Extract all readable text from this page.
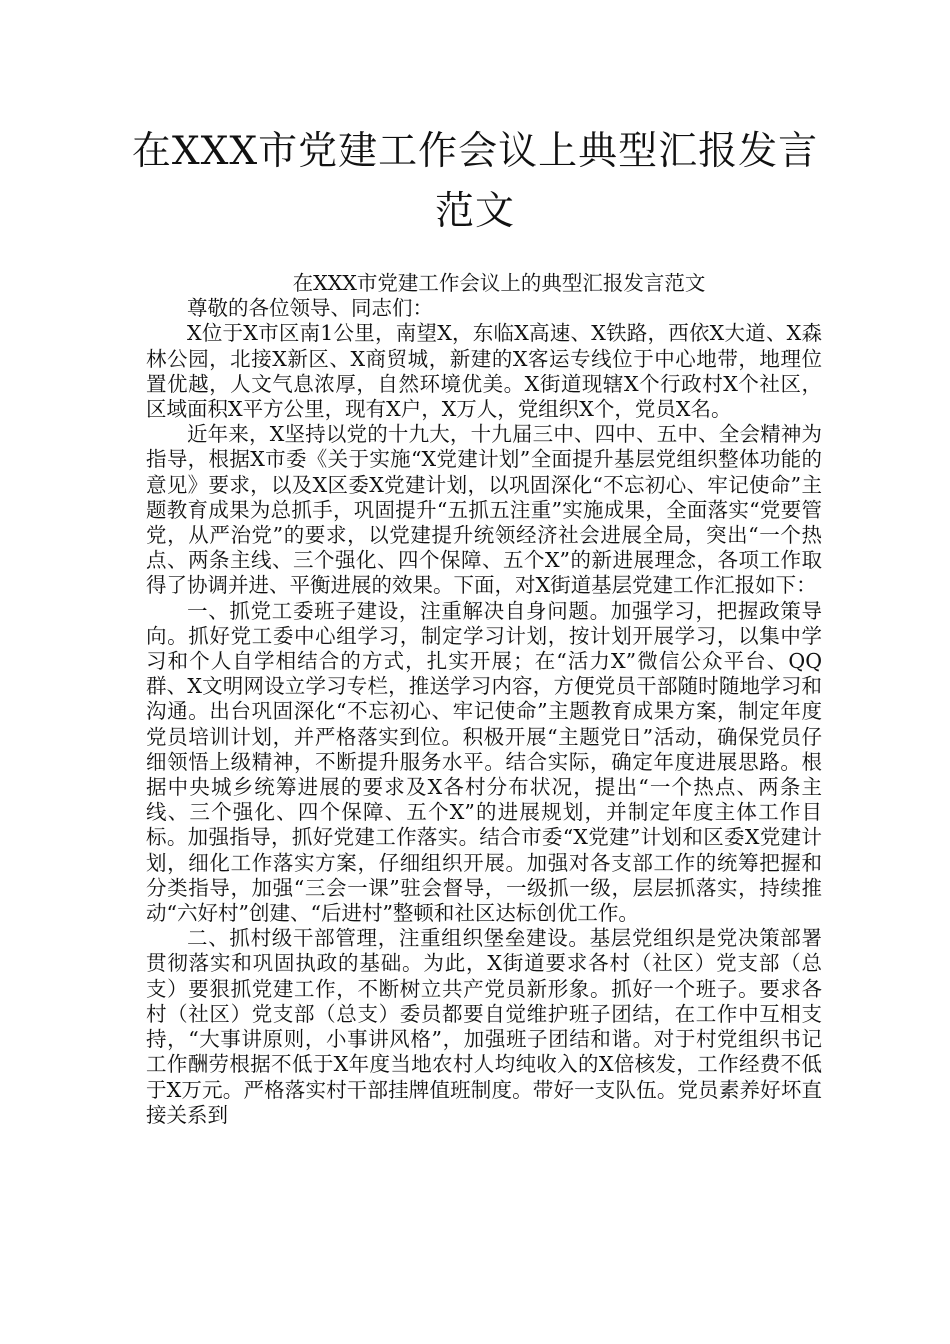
在XXX市党建工作会议上典型汇报发言范文

在XXX市党建工作会议上的典型汇报发言范文

尊敬的各位领导、同志们：

X位于X市区南1公里，南望X，东临X高速、X铁路，西依X大道、X森林公园，北接X新区、X商贸城，新建的X客运专线位于中心地带，地理位置优越，人文气息浓厚，自然环境优美。X街道现辖X个行政村X个社区，区域面积X平方公里，现有X户，X万人，党组织X个，党员X名。

近年来，X坚持以党的十九大，十九届三中、四中、五中、全会精神为指导，根据X市委《关于实施“X党建计划”全面提升基层党组织整体功能的意见》要求，以及X区委X党建计划，以巩固深化“不忘初心、牢记使命”主题教育成果为总抓手，巩固提升“五抓五注重”实施成果，全面落实“党要管党，从严治党”的要求，以党建提升统领经济社会进展全局，突出“一个热点、两条主线、三个强化、四个保障、五个X”的新进展理念，各项工作取得了协调并进、平衡进展的效果。下面，对X街道基层党建工作汇报如下：

一、抓党工委班子建设，注重解决自身问题。加强学习，把握政策导向。抓好党工委中心组学习，制定学习计划，按计划开展学习，以集中学习和个人自学相结合的方式，扎实开展；在“活力X”微信公众平台、QQ群、X文明网设立学习专栏，推送学习内容，方便党员干部随时随地学习和沟通。出台巩固深化“不忘初心、牢记使命”主题教育成果方案，制定年度党员培训计划，并严格落实到位。积极开展“主题党日”活动，确保党员仔细领悟上级精神，不断提升服务水平。结合实际，确定年度进展思路。根据中央城乡统筹进展的要求及X各村分布状况，提出“一个热点、两条主线、三个强化、四个保障、五个X”的进展规划，并制定年度主体工作目标。加强指导，抓好党建工作落实。结合市委“X党建”计划和区委X党建计划，细化工作落实方案，仔细组织开展。加强对各支部工作的统筹把握和分类指导，加强“三会一课”驻会督导，一级抓一级，层层抓落实，持续推动“六好村”创建、“后进村”整顿和社区达标创优工作。

二、抓村级干部管理，注重组织堡垒建设。基层党组织是党决策部署贯彻落实和巩固执政的基础。为此，X街道要求各村（社区）党支部（总支）要狠抓党建工作，不断树立共产党员新形象。抓好一个班子。要求各村（社区）党支部（总支）委员都要自觉维护班子团结，在工作中互相支持，“大事讲原则，小事讲风格”，加强班子团结和谐。对于村党组织书记工作酬劳根据不低于X年度当地农村人均纯收入的X倍核发，工作经费不低于X万元。严格落实村干部挂牌值班制度。带好一支队伍。党员素养好坏直接关系到
